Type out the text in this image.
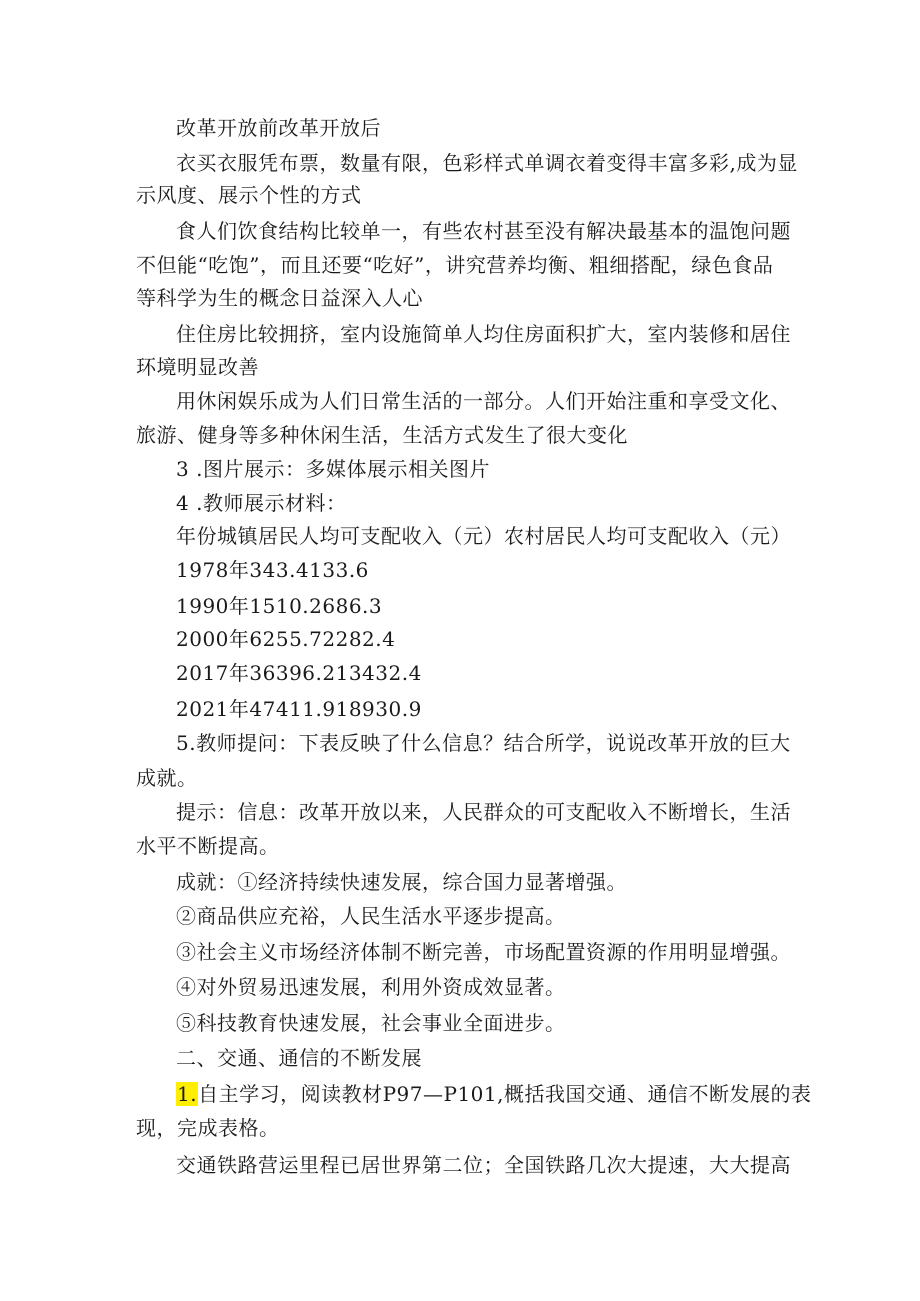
改革开放前改革开放后
衣买衣服凭布票，数量有限，色彩样式单调衣着变得丰富多彩,成为显
示风度、展示个性的方式
食人们饮食结构比较单一，有些农村甚至没有解决最基本的温饱问题
不但能“吃饱”，而且还要“吃好”，讲究营养均衡、粗细搭配，绿色食品
等科学为生的概念日益深入人心
住住房比较拥挤，室内设施简单人均住房面积扩大，室内装修和居住
环境明显改善
用休闲娱乐成为人们日常生活的一部分。人们开始注重和享受文化、
旅游、健身等多种休闲生活，生活方式发生了很大变化
3 .图片展示：多媒体展示相关图片
4 .教师展示材料：
年份城镇居民人均可支配收入（元）农村居民人均可支配收入（元）
1978年343.4133.6
1990年1510.2686.3
2000年6255.72282.4
2017年36396.213432.4
2021年47411.918930.9
5.教师提问：下表反映了什么信息？结合所学，说说改革开放的巨大
成就。
提示：信息：改革开放以来，人民群众的可支配收入不断增长，生活
水平不断提高。
成就：①经济持续快速发展，综合国力显著增强。
②商品供应充裕，人民生活水平逐步提高。
③社会主义市场经济体制不断完善，市场配置资源的作用明显增强。
④对外贸易迅速发展，利用外资成效显著。
⑤科技教育快速发展，社会事业全面进步。
二、交通、通信的不断发展
1.自主学习，阅读教材P97—P101,概括我国交通、通信不断发展的表
现，完成表格。
交通铁路营运里程已居世界第二位；全国铁路几次大提速，大大提高
